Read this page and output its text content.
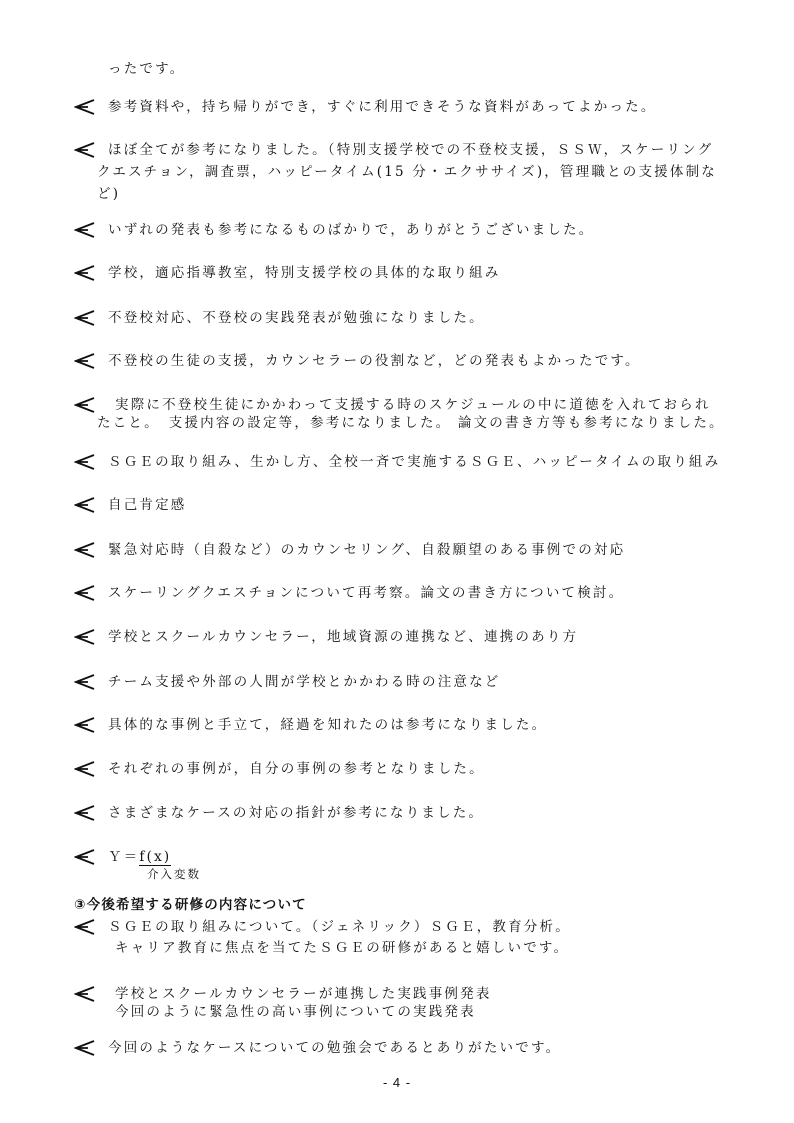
ったです。
参考資料や，持ち帰りができ，すぐに利用できそうな資料があってよかった。
ほぼ全てが参考になりました。（特別支援学校での不登校支援，ＳＳＷ，スケーリング
クエスチョン，調査票，ハッピータイム(15 分・エクササイズ)，管理職との支援体制な
ど)
いずれの発表も参考になるものばかりで，ありがとうございました。
学校，適応指導教室，特別支援学校の具体的な取り組み
不登校対応、不登校の実践発表が勉強になりました。
不登校の生徒の支援，カウンセラーの役割など，どの発表もよかったです。
実際に不登校生徒にかかわって支援する時のスケジュールの中に道徳を入れておられ
たこと。　支援内容の設定等，参考になりました。 論文の書き方等も参考になりました。
ＳＧＥの取り組み、生かし方、全校一斉で実施するＳＧＥ、ハッピータイムの取り組み
自己肯定感
緊急対応時（自殺など）のカウンセリング、自殺願望のある事例での対応
スケーリングクエスチョンについて再考察。論文の書き方について検討。
学校とスクールカウンセラー，地域資源の連携など、連携のあり方
チーム支援や外部の人間が学校とかかわる時の注意など
具体的な事例と手立て，経過を知れたのは参考になりました。
それぞれの事例が，自分の事例の参考となりました。
さまざまなケースの対応の指針が参考になりました。
Ｙ＝f(x)
介入変数
③今後希望する研修の内容について
ＳＧＥの取り組みについて。（ジェネリック）ＳＧＥ，教育分析。
キャリア教育に焦点を当てたＳＧＥの研修があると嬉しいです。
学校とスクールカウンセラーが連携した実践事例発表
今回のように緊急性の高い事例についての実践発表
今回のようなケースについての勉強会であるとありがたいです。
- 4 -
